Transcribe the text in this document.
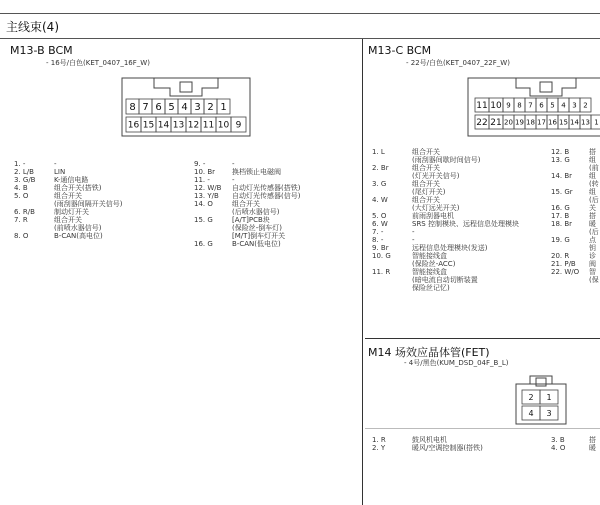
主线束(4)
M13-B BCM
- 16号/白色(KET_0407_16F_W)
8 7 6 5 4 3 2 1
16 15 14 13 12 11 10 9
1. -	-
2. L/B	LIN
3. G/B	K-通信电路
4. B	组合开关(搭铁)
5. O	组合开关
(雨刮器间隔开关信号)
6. R/B	制动灯开关
7. R	组合开关
(前喷水器信号)
8. O	B-CAN(高电位)
9. -	-
10. Br 换档锁止电磁阀
11. -	-
12. W/B 自动灯光传感器(搭铁)
13. Y/B 自动灯光传感器(信号)
14. O	组合开关
(后喷水器信号)
15. G	[A/T]PCB块
(保险丝-倒车灯)
[M/T]倒车灯开关
16. G	B-CAN(低电位)
M13-C BCM
- 22号/白色(KET_0407_22F_W)
11 10 9 8 7 6 5 4 3 2
22 21 20 19 18 17 16 15 14 13 1
1. L	组合开关
(雨刮器间歇时间信号)
2. Br	组合开关
(灯光开关信号)
3. G	组合开关
(尾灯开关)
4. W	组合开关
(大灯远光开关)
5. O	前雨刮器电机
6. W	SRS 控制模块、远程信息处理模块
7. -	-
8. -	-
9. Br	远程信息处理模块(发送)
10. G	智能接线盒
(保险丝-ACC)
11. R	智能接线盒
(暗电流自动切断装置
保险丝记忆)
12. B	搭
13. G	组
(前
14. Br 组
(转
15. Gr 组
(后
16. G	关
17. B	搭
18. Br 暖
(后
19. G	点
钥
20. R	诊
21. P/B 阀
22. W/O 智
(保
M14 场效应晶体管(FET)
- 4号/黑色(KUM_DSD_04F_B_L)
2 1
4 3
1. R	鼓风机电机
2. Y	暖风/空调控制器(搭铁)
3. B	搭
4. O	暖
